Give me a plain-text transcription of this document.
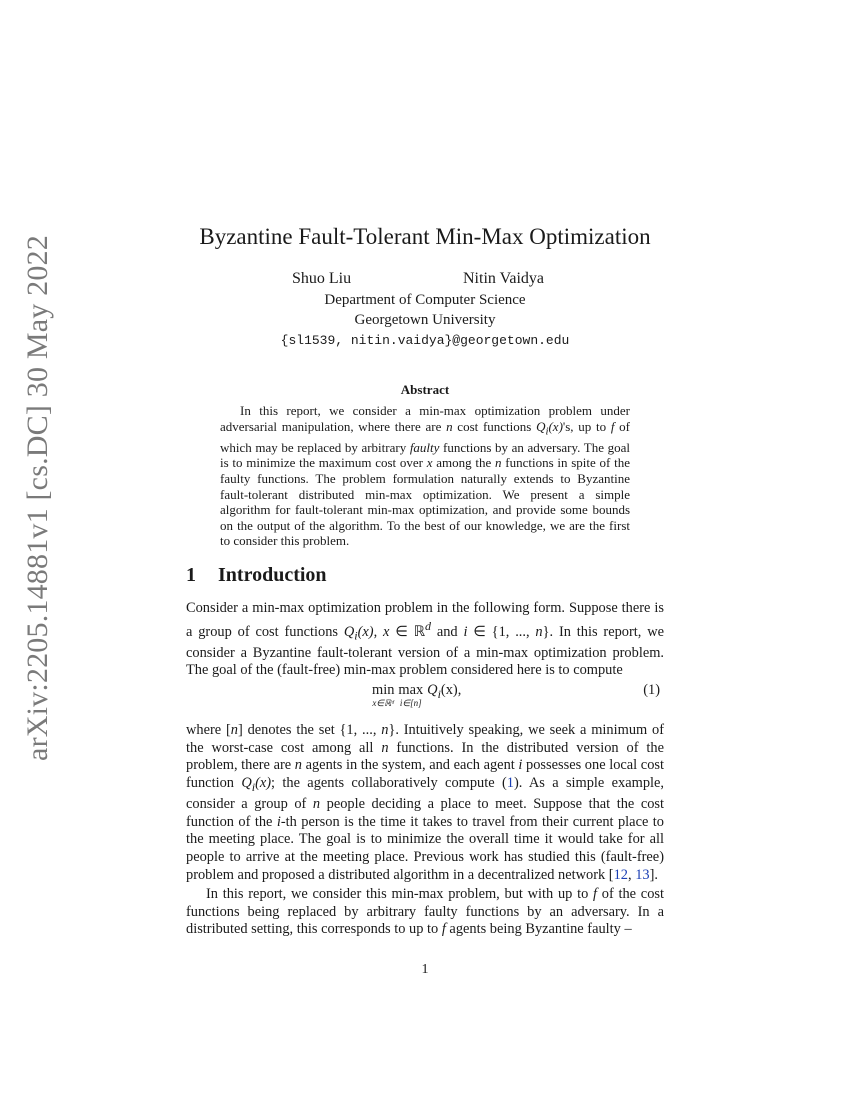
arXiv:2205.14881v1 [cs.DC] 30 May 2022	Byzantine Fault-Tolerant Min-Max Optimization
Shuo Liu	Nitin Vaidya
Department of Computer Science
Georgetown University
{sl1539, nitin.vaidya}@georgetown.edu
Abstract

In this report, we consider a min-max optimization problem under adversarial manipulation, where there are n cost functions $Q_i(x)'s$, up to f of which may be replaced by arbitrary faulty functions by an adversary. The goal is to minimize the maximum cost over x among the n functions in spite of the faulty functions. The problem formulation naturally extends to Byzantine fault-tolerant distributed min-max optimization. We present a simple algorithm for fault-tolerant min-max optimization, and provide some bounds on the output of the algorithm. To the best of our knowledge, we are the first to consider this problem.

1 Introduction

Consider a min-max optimization problem in the following form. Suppose there is a group of cost functions $Q_i(x)$, x ∈ ℝ$^d$ and i ∈ {1, ..., n}. In this report, we consider a Byzantine fault-tolerant version of a min-max optimization problem. The goal of the (fault-free) min-max problem considered here is to compute

min
x∈ℝᵈ
max
i∈[n]
$Q_i(x)$,	(1)

where [n] denotes the set {1, ..., n}. Intuitively speaking, we seek a minimum of the worst-case cost among all n functions. In the distributed version of the problem, there are n agents in the system, and each agent i possesses one local cost function $Q_i(x)$; the agents collaboratively compute (1). As a simple example, consider a group of n people deciding a place to meet. Suppose that the cost function of the i-th person is the time it takes to travel from their current place to the meeting place. The goal is to minimize the overall time it would take for all people to arrive at the meeting place. Previous work has studied this (fault-free) problem and proposed a distributed algorithm in a decentralized network [12, 13].

In this report, we consider this min-max problem, but with up to f of the cost functions being replaced by arbitrary faulty functions by an adversary. In a distributed setting, this corresponds to up to f agents being Byzantine faulty –

1
